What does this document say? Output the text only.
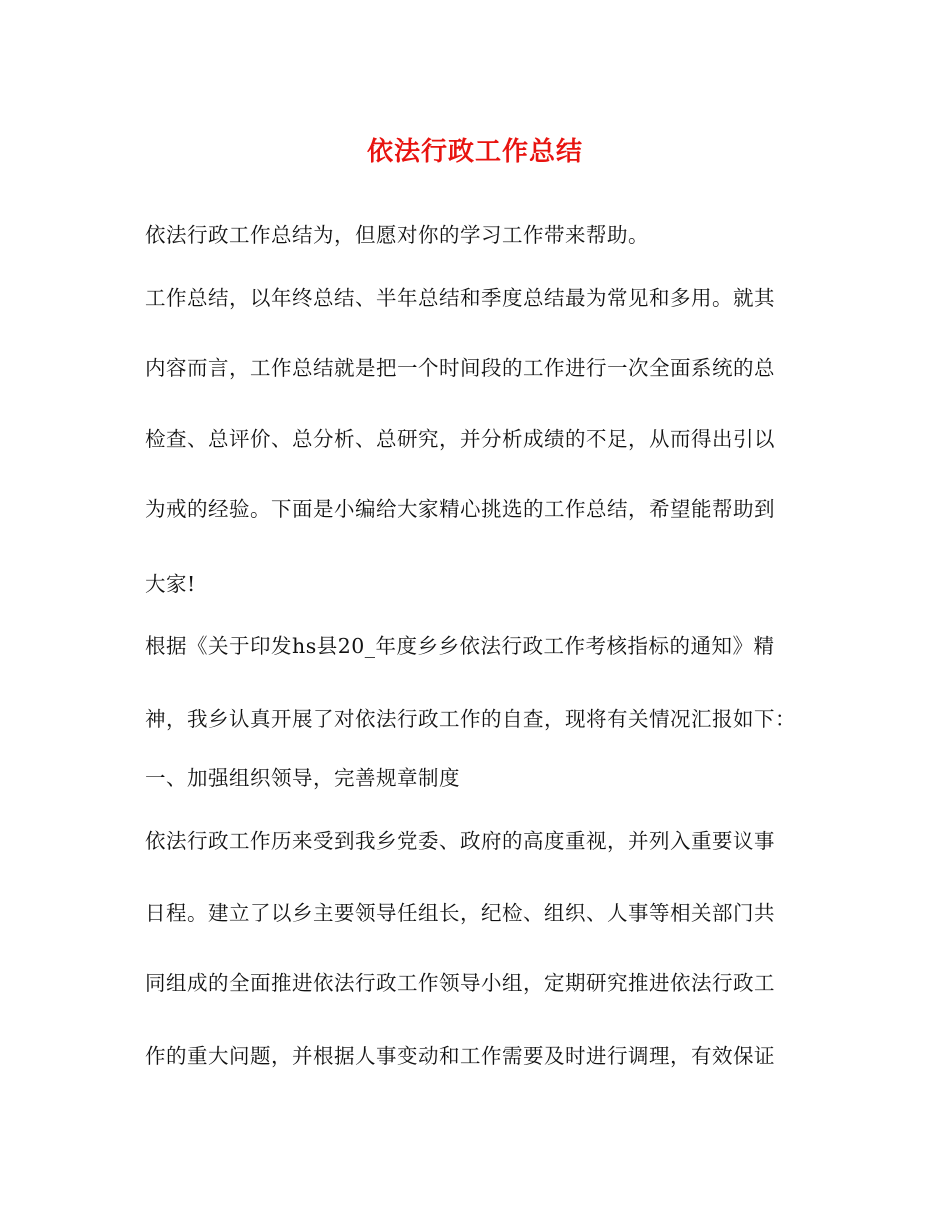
依法行政工作总结
依法行政工作总结为，但愿对你的学习工作带来帮助。
工作总结，以年终总结、半年总结和季度总结最为常见和多用。就其
内容而言，工作总结就是把一个时间段的工作进行一次全面系统的总
检查、总评价、总分析、总研究，并分析成绩的不足，从而得出引以
为戒的经验。下面是小编给大家精心挑选的工作总结，希望能帮助到
大家!
根据《关于印发hs县20_年度乡乡依法行政工作考核指标的通知》精
神，我乡认真开展了对依法行政工作的自查，现将有关情况汇报如下：
一、加强组织领导，完善规章制度
依法行政工作历来受到我乡党委、政府的高度重视，并列入重要议事
日程。建立了以乡主要领导任组长，纪检、组织、人事等相关部门共
同组成的全面推进依法行政工作领导小组，定期研究推进依法行政工
作的重大问题，并根据人事变动和工作需要及时进行调理，有效保证
